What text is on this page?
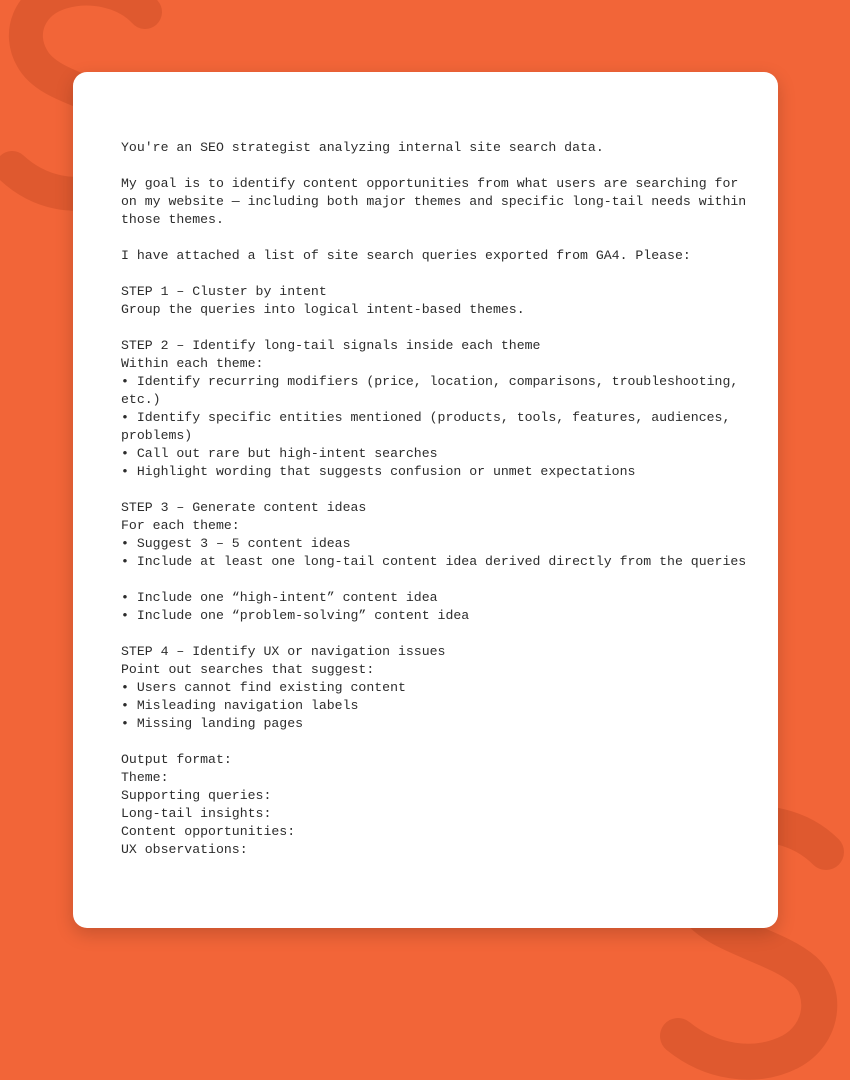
You're an SEO strategist analyzing internal site search data.
My goal is to identify content opportunities from what users are searching for on my website — including both major themes and specific long-tail needs within those themes.
I have attached a list of site search queries exported from GA4. Please:
STEP 1 – Cluster by intent
Group the queries into logical intent-based themes.
STEP 2 – Identify long-tail signals inside each theme
Within each theme:
• Identify recurring modifiers (price, location, comparisons, troubleshooting, etc.)
• Identify specific entities mentioned (products, tools, features, audiences, problems)
• Call out rare but high-intent searches
• Highlight wording that suggests confusion or unmet expectations
STEP 3 – Generate content ideas
For each theme:
• Suggest 3 – 5 content ideas
• Include at least one long-tail content idea derived directly from the queries
• Include one “high-intent” content idea
• Include one “problem-solving” content idea
STEP 4 – Identify UX or navigation issues
Point out searches that suggest:
• Users cannot find existing content
• Misleading navigation labels
• Missing landing pages
Output format:
Theme:
Supporting queries:
Long-tail insights:
Content opportunities:
UX observations:
